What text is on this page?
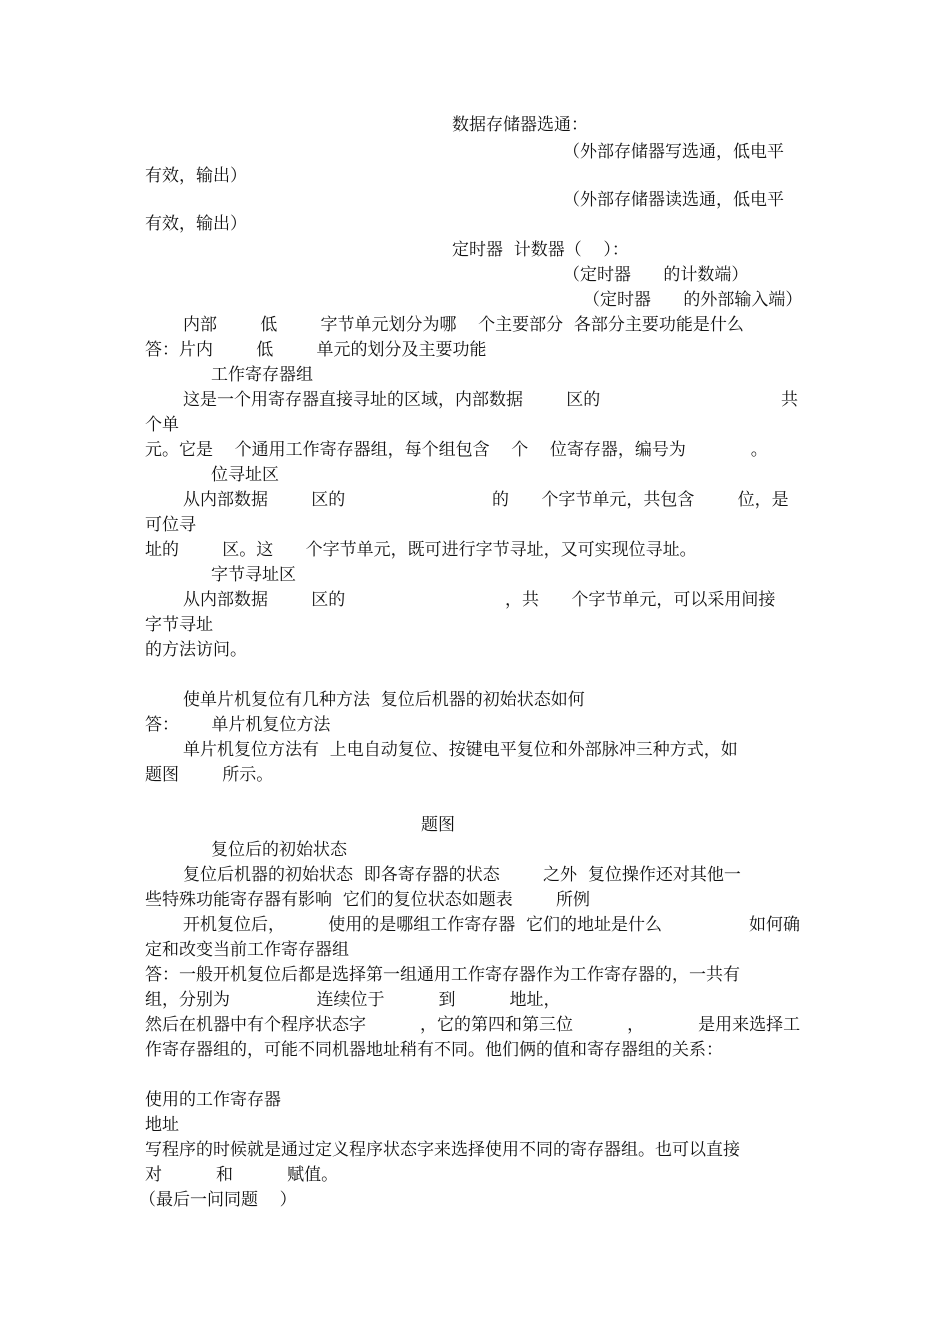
数据存储器选通：

（外部存储器写选通，低电平

有效，输出）

（外部存储器读选通，低电平

有效，输出）

定时器  计数器（    ）：

（定时器      的计数端）

（定时器      的外部输入端）

内部        低        字节单元划分为哪    个主要部分  各部分主要功能是什么

答：片内        低        单元的划分及主要功能

工作寄存器组

这是一个用寄存器直接寻址的区域，内部数据        区的	共

个单

元。它是    个通用工作寄存器组，每个组包含    个    位寄存器，编号为            。

位寻址区

从内部数据        区的	的      个字节单元，共包含        位，是

可位寻

址的        区。这      个字节单元，既可进行字节寻址，又可实现位寻址。

字节寻址区

从内部数据        区的	，共      个字节单元，可以采用间接

字节寻址

的方法访问。

使单片机复位有几种方法  复位后机器的初始状态如何

答：      单片机复位方法

单片机复位方法有  上电自动复位、按键电平复位和外部脉冲三种方式，如

题图        所示。

题图

复位后的初始状态

复位后机器的初始状态  即各寄存器的状态        之外  复位操作还对其他一

些特殊功能寄存器有影响  它们的复位状态如题表        所例

开机复位后，        使用的是哪组工作寄存器  它们的地址是什么	如何确

定和改变当前工作寄存器组

答：一般开机复位后都是选择第一组通用工作寄存器作为工作寄存器的，一共有

组，分别为                连续位于          到          地址，

然后在机器中有个程序状态字          ，它的第四和第三位          ，          是用来选择工

作寄存器组的，可能不同机器地址稍有不同。他们俩的值和寄存器组的关系：

使用的工作寄存器

地址

写程序的时候就是通过定义程序状态字来选择使用不同的寄存器组。也可以直接

对          和          赋值。

（最后一问同题    ）
